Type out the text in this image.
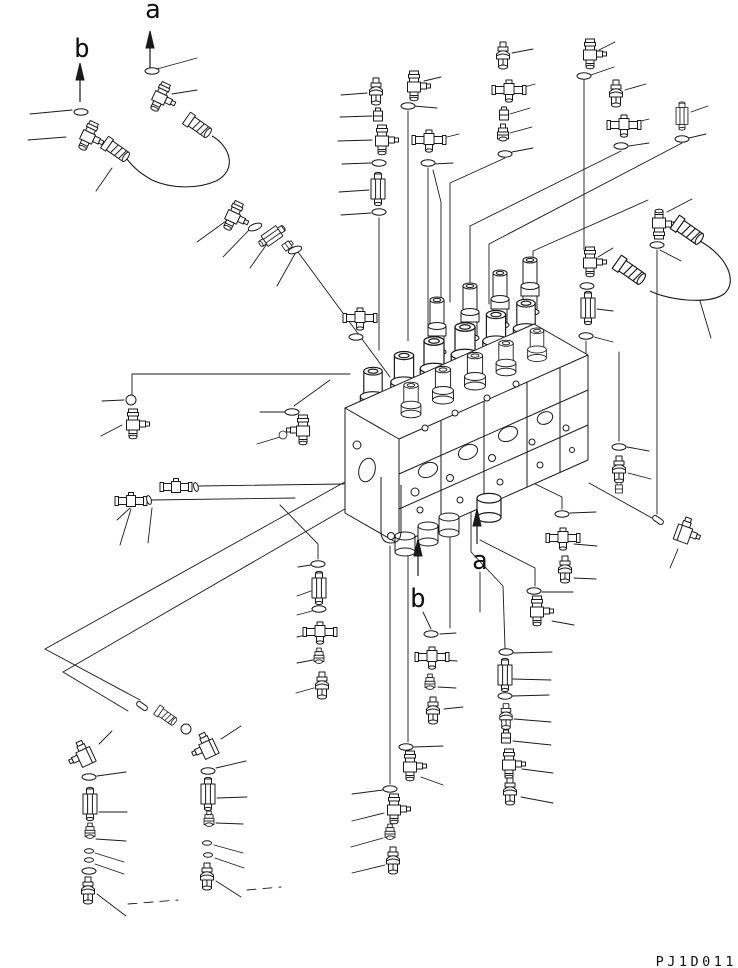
a
b
b
a
PJ1D011
